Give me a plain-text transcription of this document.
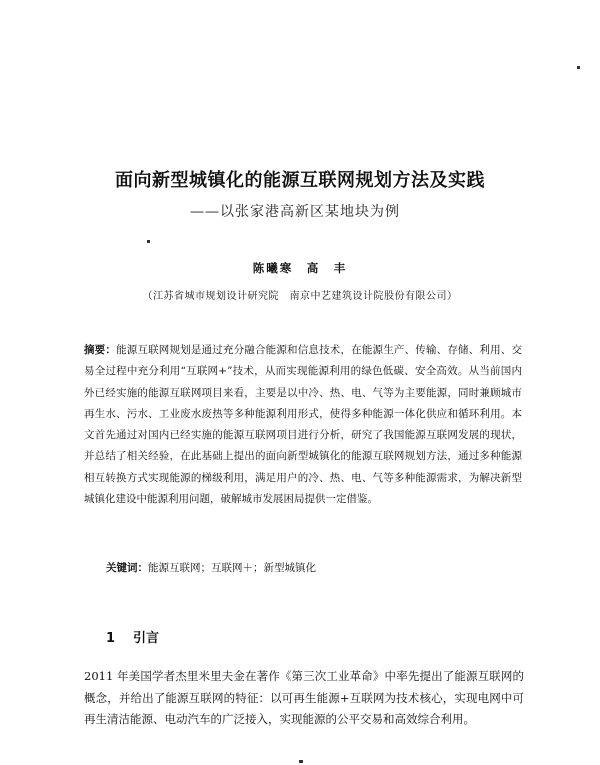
面向新型城镇化的能源互联网规划方法及实践
——以张家港高新区某地块为例
陈曦寒　高　丰
（江苏省城市规划设计研究院　南京中艺建筑设计院股份有限公司）

摘要：能源互联网规划是通过充分融合能源和信息技术，在能源生产、传输、存储、利用、交易全过程中充分利用“互联网+”技术，从而实现能源利用的绿色低碳、安全高效。从当前国内外已经实施的能源互联网项目来看，主要是以中冷、热、电、气等为主要能源，同时兼顾城市再生水、污水、工业废水废热等多种能源利用形式，使得多种能源一体化供应和循环利用。本文首先通过对国内已经实施的能源互联网项目进行分析，研究了我国能源互联网发展的现状，并总结了相关经验，在此基础上提出的面向新型城镇化的能源互联网规划方法，通过多种能源相互转换方式实现能源的梯级利用，满足用户的冷、热、电、气等多种能源需求，为解决新型城镇化建设中能源利用问题，破解城市发展困局提供一定借鉴。

关键词：能源互联网；互联网＋；新型城镇化

1 引言

2011 年美国学者杰里米里夫金在著作《第三次工业革命》中率先提出了能源互联网的概念，并给出了能源互联网的特征：以可再生能源+互联网为技术核心，实现电网中可再生清洁能源、电动汽车的广泛接入，实现能源的公平交易和高效综合利用。
